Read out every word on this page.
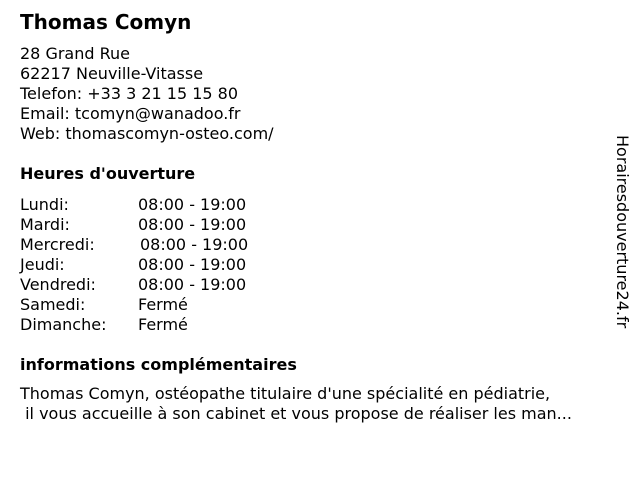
Thomas Comyn
28 Grand Rue
62217 Neuville-Vitasse
Telefon: +33 3 21 15 15 80
Email: tcomyn@wanadoo.fr
Web: thomascomyn-osteo.com/
Heures d'ouverture
Lundi:	08:00 - 19:00
Mardi:	08:00 - 19:00
Mercredi:	08:00 - 19:00
Jeudi:	08:00 - 19:00
Vendredi:	08:00 - 19:00
Samedi:	Fermé
Dimanche: Fermé
informations complémentaires
Thomas Comyn, ostéopathe titulaire d'une spécialité en pédiatrie,
il vous accueille à son cabinet et vous propose de réaliser les man...
Horairesdouverture24.fr
